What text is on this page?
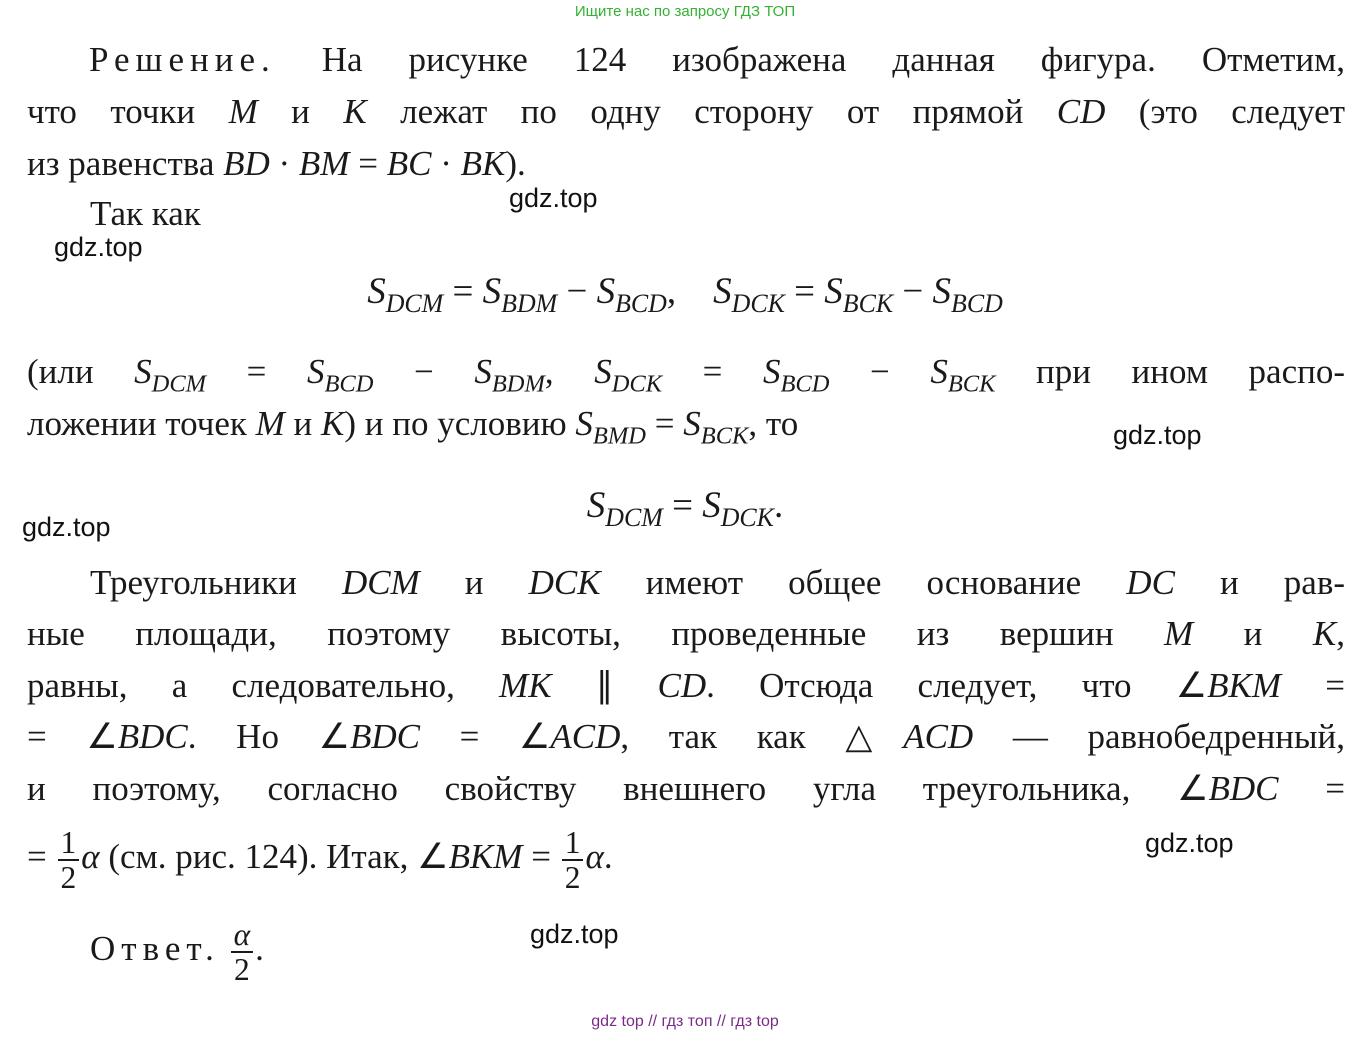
Ищите нас по запросу ГДЗ ТОП
Решение. На рисунке 124 изображена данная фигура. Отметим,
что точки M и K лежат по одну сторону от прямой CD (это следует
из равенства BD · BM = BC · BK).
Так как
$S_{DCM} = S_{BDM} - S_{BCD}$,    $S_{DCK} = S_{BCK} - S_{BCD}$
(или $S_{DCM} = S_{BCD} - S_{BDM}$, $S_{DCK} = S_{BCD} - S_{BCK}$ при ином распо-
ложении точек M и K) и по условию $S_{BMD} = S_{BCK}$, то
$S_{DCM} = S_{DCK}$.
Треугольники DCM и DCK имеют общее основание DC и рав-
ные площади, поэтому высоты, проведенные из вершин M и K,
равны, а следовательно, MK ∥ CD. Отсюда следует, что ∠BKM =
= ∠BDC. Но ∠BDC = ∠ACD, так как △ACD — равнобедренный,
и поэтому, согласно свойству внешнего угла треугольника, ∠BDC =
= $\frac{1}{2}$ α (см. рис. 124). Итак, ∠BKM = $\frac{1}{2} \alpha$.
Ответ. $\frac{\alpha}{2}$ .
gdz.top
gdz.top
gdz.top
gdz.top
gdz.top
gdz.top
gdz top // гдз топ // гдз top
